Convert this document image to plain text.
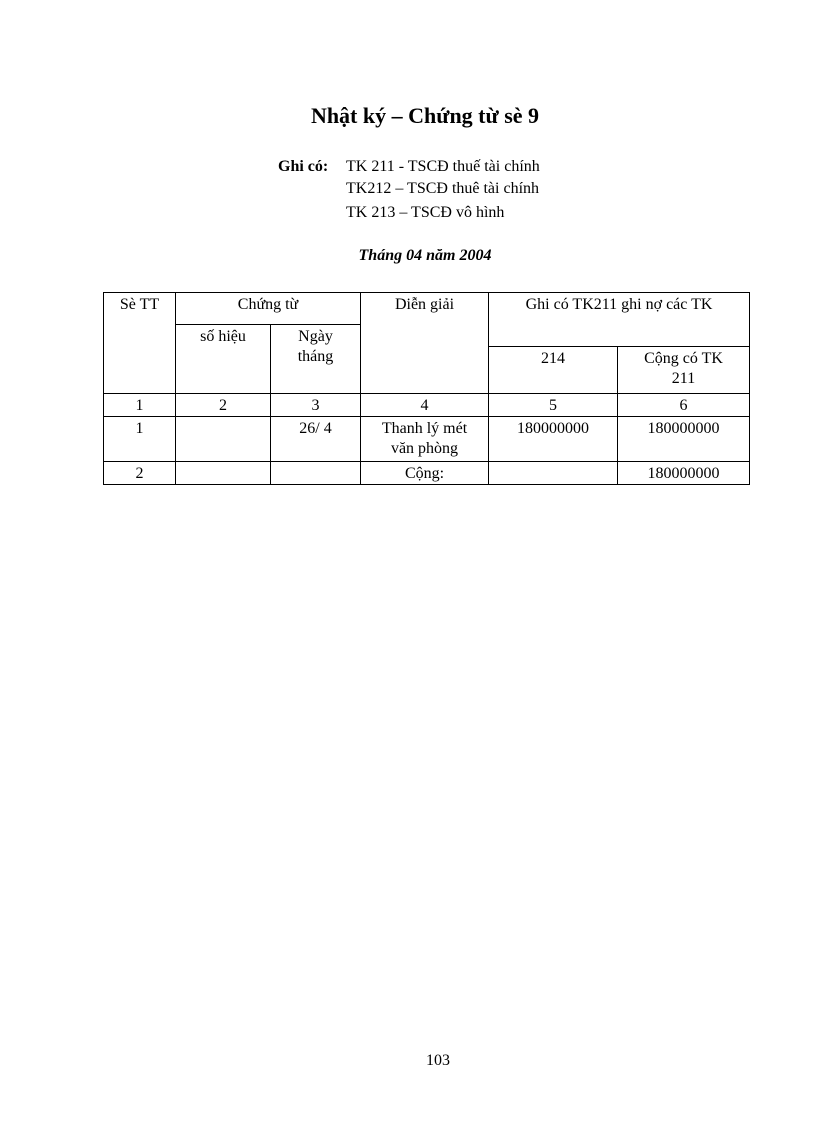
Nhật ký – Chứng từ sè 9
Ghi có: TK 211 - TSCĐ thuế tài chính
TK212 – TSCĐ thuê tài chính
TK 213 – TSCĐ vô hình
Tháng 04 năm 2004
Sè TT	Chứng từ		Diễn giải	Ghi có TK211 ghi nợ các TK	
	số hiệu	Ngày tháng			
				214	Cộng có TK 211
1	2	3	4	5	6
1		26/ 4	Thanh lý mét văn phòng	180000000	180000000
2			Cộng:		180000000
103
